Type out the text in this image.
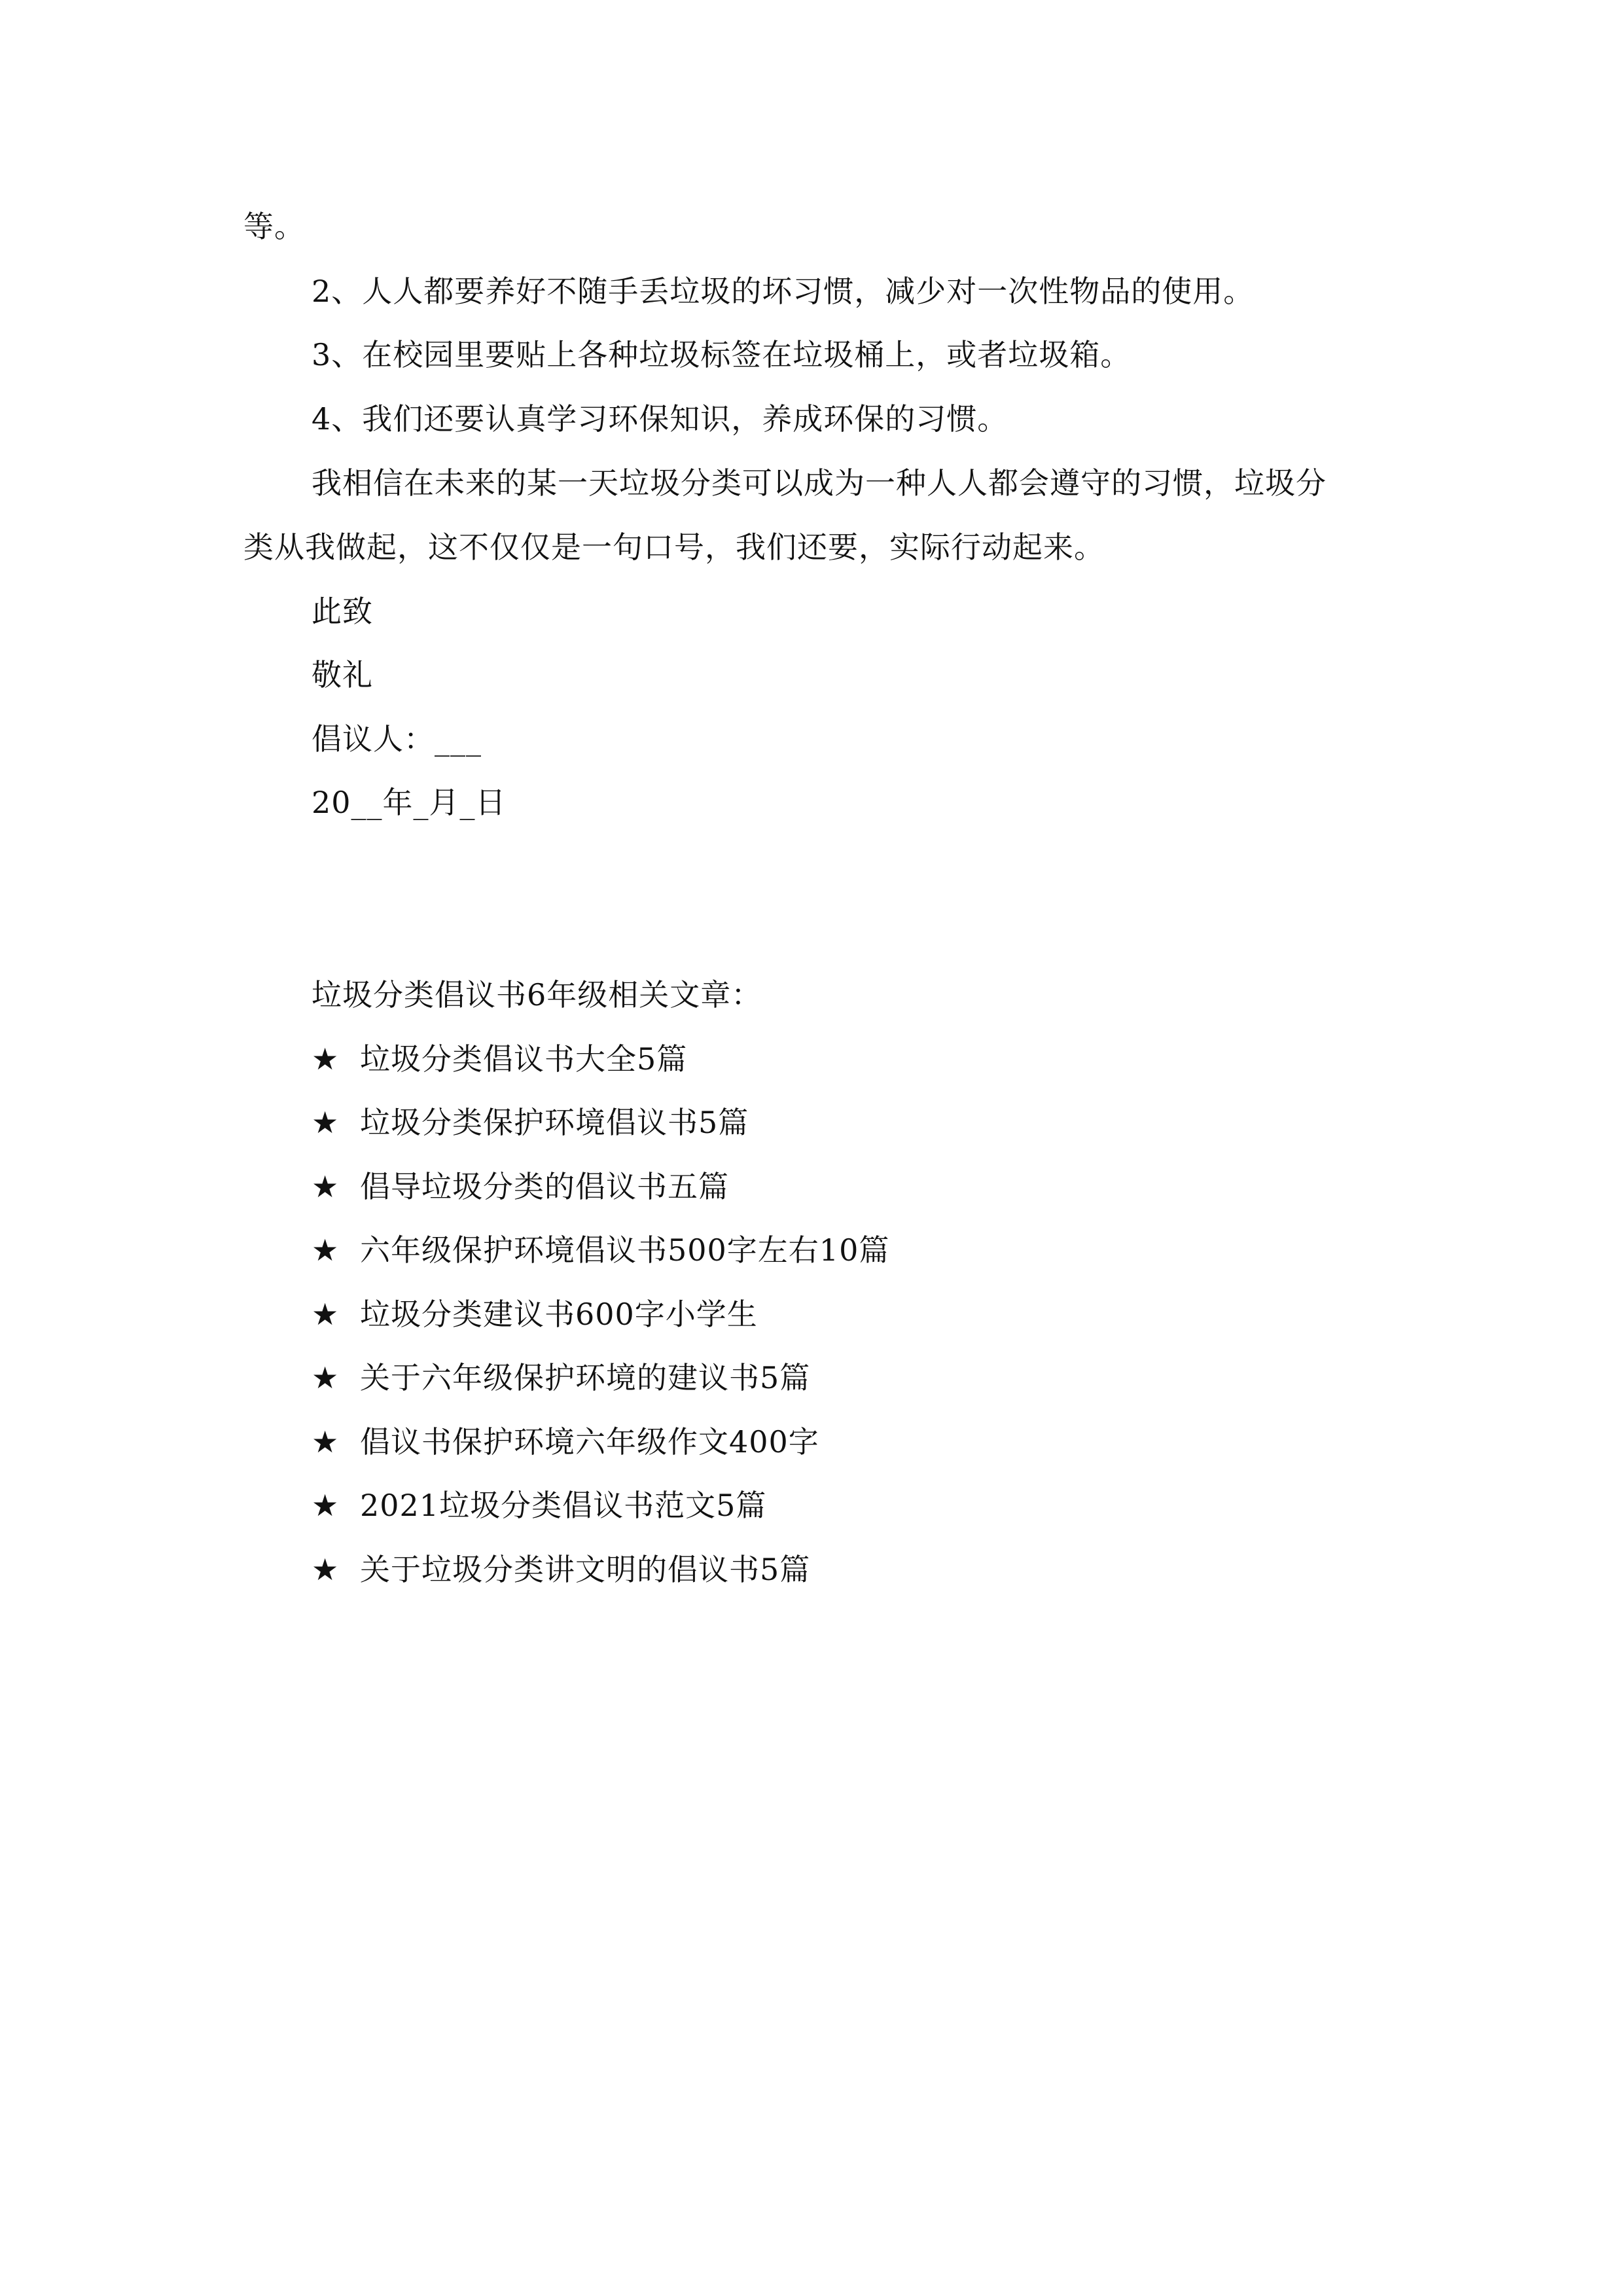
等。
2、人人都要养好不随手丢垃圾的坏习惯，减少对一次性物品的使用。
3、在校园里要贴上各种垃圾标签在垃圾桶上，或者垃圾箱。
4、我们还要认真学习环保知识，养成环保的习惯。
我相信在未来的某一天垃圾分类可以成为一种人人都会遵守的习惯，垃圾分
类从我做起，这不仅仅是一句口号，我们还要，实际行动起来。
此致
敬礼
倡议人：___
20__年_月_日
垃圾分类倡议书6年级相关文章：
★ 垃圾分类倡议书大全5篇
★ 垃圾分类保护环境倡议书5篇
★ 倡导垃圾分类的倡议书五篇
★ 六年级保护环境倡议书500字左右10篇
★ 垃圾分类建议书600字小学生
★ 关于六年级保护环境的建议书5篇
★ 倡议书保护环境六年级作文400字
★ 2021垃圾分类倡议书范文5篇
★ 关于垃圾分类讲文明的倡议书5篇
